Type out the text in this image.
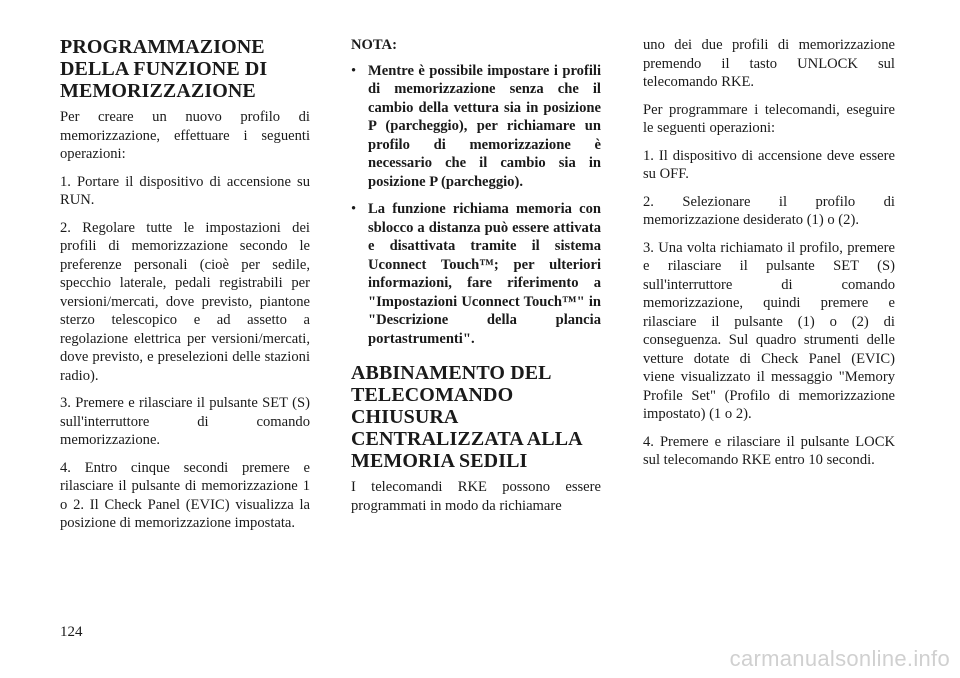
PROGRAMMAZIONE DELLA FUNZIONE DI MEMORIZZAZIONE

Per creare un nuovo profilo di memorizzazione, effettuare i seguenti operazioni:

1. Portare il dispositivo di accensione su RUN.

2. Regolare tutte le impostazioni dei profili di memorizzazione secondo le preferenze personali (cioè per sedile, specchio laterale, pedali registrabili per versioni/mercati, dove previsto, piantone sterzo telescopico e ad assetto a regolazione elettrica per versioni/mercati, dove previsto, e preselezioni delle stazioni radio).

3. Premere e rilasciare il pulsante SET (S) sull'interruttore di comando memorizzazione.

4. Entro cinque secondi premere e rilasciare il pulsante di memorizzazione 1 o 2. Il Check Panel (EVIC) visualizza la posizione di memorizzazione impostata.

NOTA:

• Mentre è possibile impostare i profili di memorizzazione senza che il cambio della vettura sia in posizione P (parcheggio), per richiamare un profilo di memorizzazione è necessario che il cambio sia in posizione P (parcheggio).
• La funzione richiama memoria con sblocco a distanza può essere attivata e disattivata tramite il sistema Uconnect Touch™; per ulteriori informazioni, fare riferimento a "Impostazioni Uconnect Touch™" in "Descrizione della plancia portastrumenti".
ABBINAMENTO DEL TELECOMANDO CHIUSURA CENTRALIZZATA ALLA MEMORIA SEDILI

I telecomandi RKE possono essere programmati in modo da richiamare

uno dei due profili di memorizzazione premendo il tasto UNLOCK sul telecomando RKE.

Per programmare i telecomandi, eseguire le seguenti operazioni:

1. Il dispositivo di accensione deve essere su OFF.

2. Selezionare il profilo di memorizzazione desiderato (1) o (2).

3. Una volta richiamato il profilo, premere e rilasciare il pulsante SET (S) sull'interruttore di comando memorizzazione, quindi premere e rilasciare il pulsante (1) o (2) di conseguenza. Sul quadro strumenti delle vetture dotate di Check Panel (EVIC) viene visualizzato il messaggio "Memory Profile Set" (Profilo di memorizzazione impostato) (1 o 2).

4. Premere e rilasciare il pulsante LOCK sul telecomando RKE entro 10 secondi.

124
carmanualsonline.info
